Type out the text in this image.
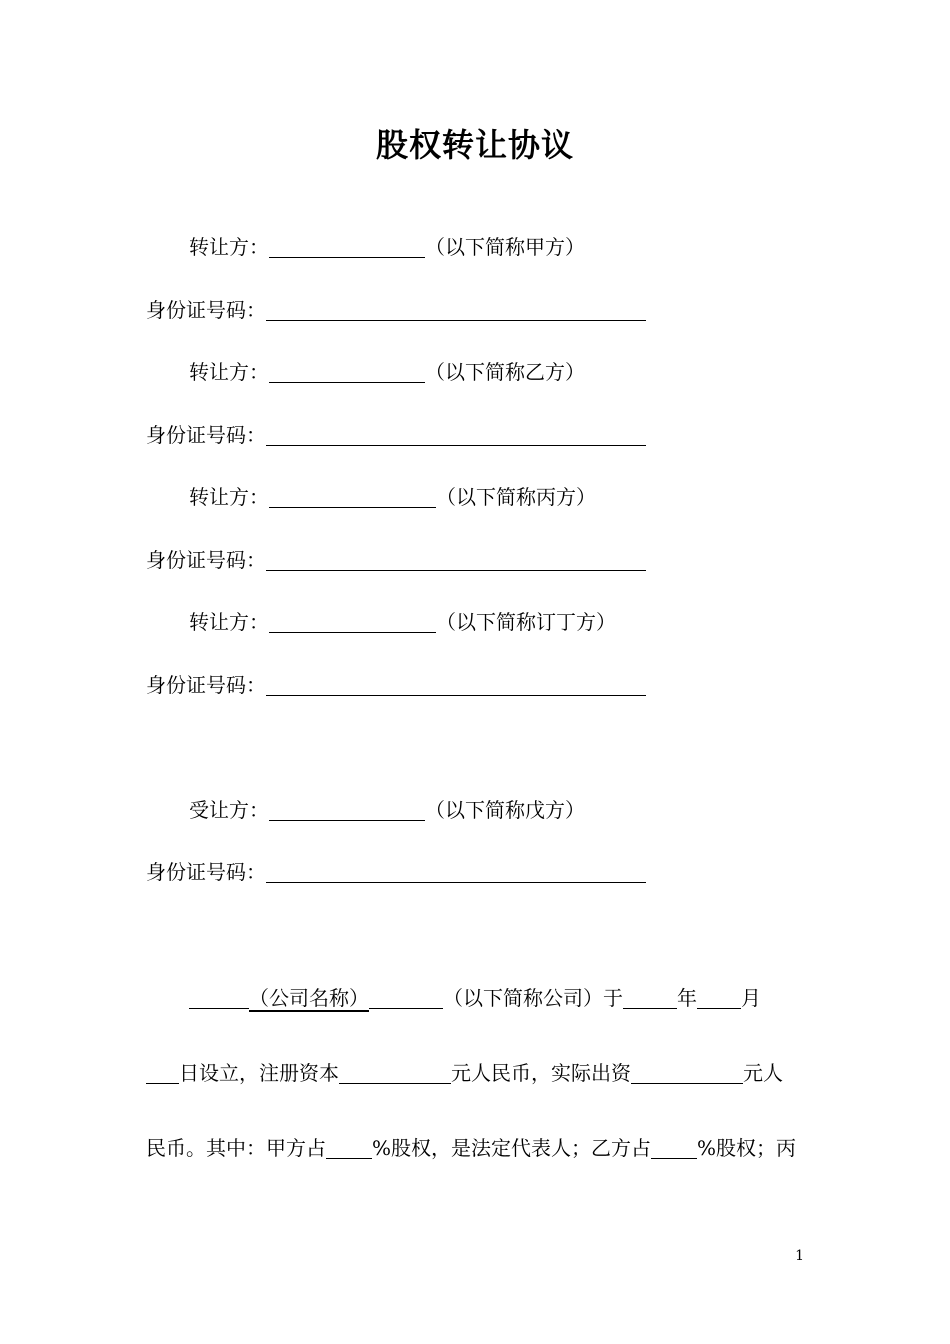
股权转让协议
转让方：	（以下简称甲方）
身份证号码：
转让方：	（以下简称乙方）
身份证号码：
转让方：	（以下简称丙方）
身份证号码：
转让方：	（以下简称订丁方）
身份证号码：
受让方：	（以下简称戊方）
身份证号码：
（公司名称）	（以下简称公司）于	年 月
日设立，注册资本	元人民币，实际出资	元人
民币。其中：甲方占 %股权，是法定代表人；乙方占 %股权；丙
1
